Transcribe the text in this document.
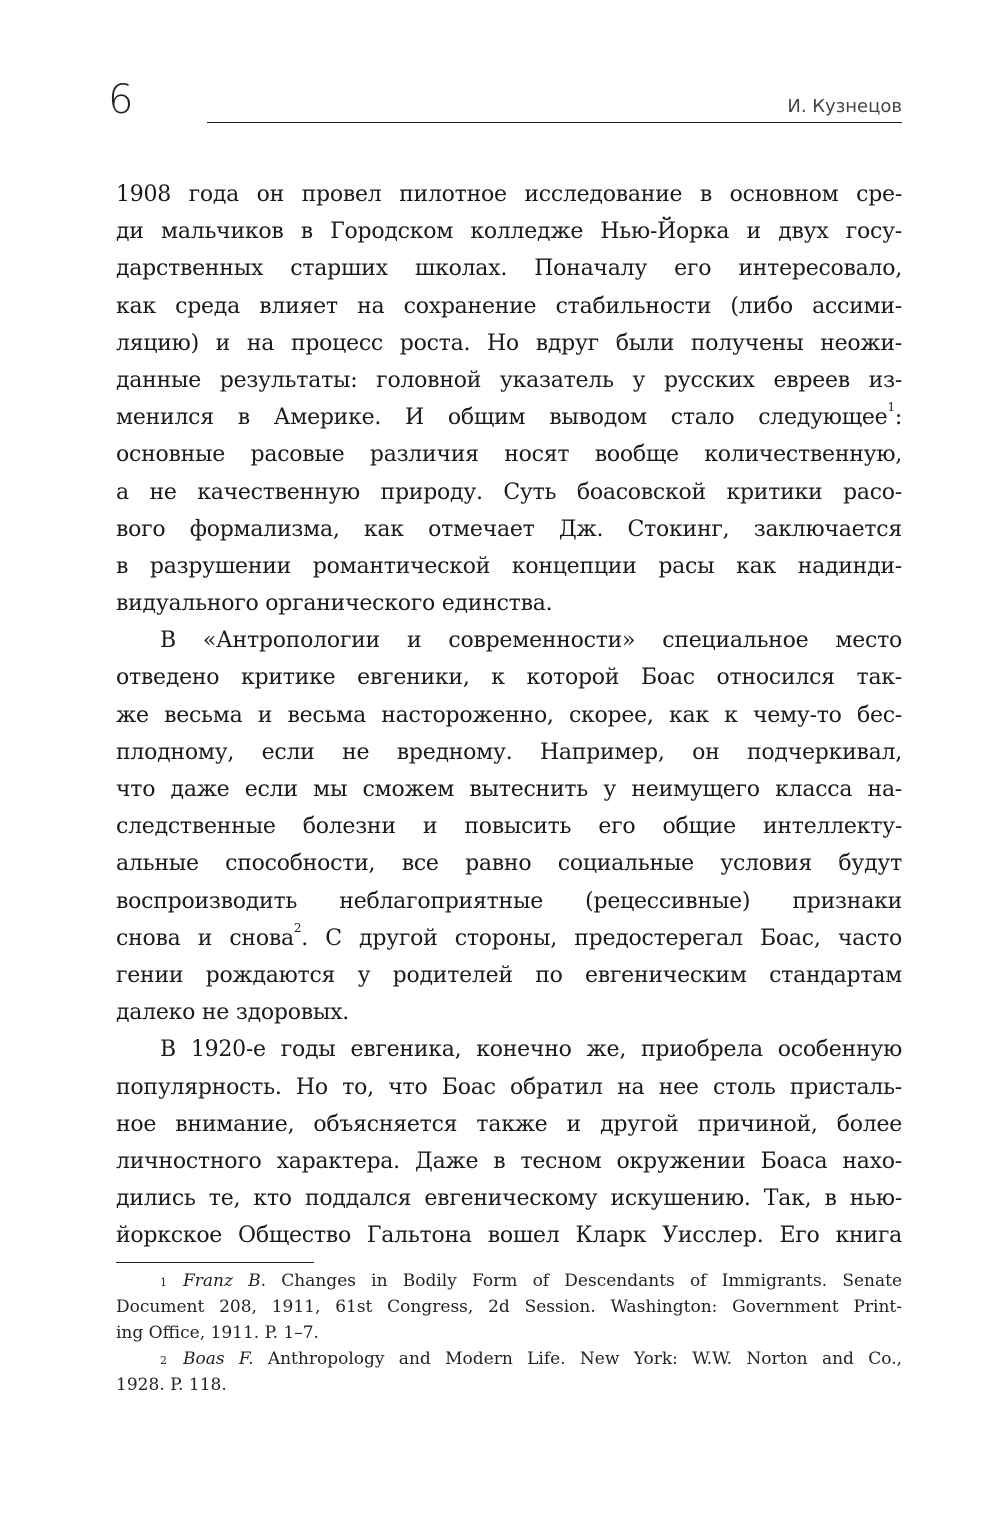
6	И. Кузнецов
1908 года он провел пилотное исследование в основном сре-
ди мальчиков в Городском колледже Нью-Йорка и двух госу-
дарственных старших школах. Поначалу его интересовало,
как среда влияет на сохранение стабильности (либо ассими-
ляцию) и на процесс роста. Но вдруг были получены неожи-
данные результаты: головной указатель у русских евреев из-
менился в Америке. И общим выводом стало следующее$^1$:
основные расовые различия носят вообще количественную,
а не качественную природу. Суть боасовской критики расо-
вого формализма, как отмечает Дж. Стокинг, заключается
в разрушении романтической концепции расы как надинди-
видуального органического единства.
В «Антропологии и современности» специальное место
отведено критике евгеники, к которой Боас относился так-
же весьма и весьма настороженно, скорее, как к чему-то бес-
плодному, если не вредному. Например, он подчеркивал,
что даже если мы сможем вытеснить у неимущего класса на-
следственные болезни и повысить его общие интеллекту-
альные способности, все равно социальные условия будут
воспроизводить неблагоприятные (рецессивные) признаки
снова и снова$^2$. С другой стороны, предостерегал Боас, часто
гении рождаются у родителей по евгеническим стандартам
далеко не здоровых.
В 1920-е годы евгеника, конечно же, приобрела особенную
популярность. Но то, что Боас обратил на нее столь присталь-
ное внимание, объясняется также и другой причиной, более
личностного характера. Даже в тесном окружении Боаса нахо-
дились те, кто поддался евгеническому искушению. Так, в нью-
йоркское Общество Гальтона вошел Кларк Уисслер. Его книга
$^1$ Franz B. Changes in Bodily Form of Descendants of Immigrants. Senate
Document 208, 1911, 61st Congress, 2d Session. Washington: Government Print-
ing Office, 1911. P. 1–7.
$^2$ Boas F. Anthropology and Modern Life. New York: W.W. Norton and Co.,
1928. P. 118.
